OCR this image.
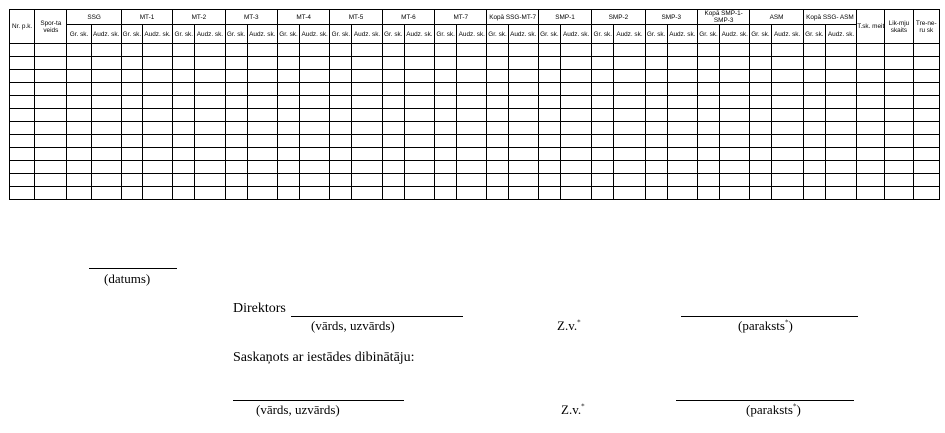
Nr. p.k.	Spor-ta veids	SSG		MT-1		MT-2		MT-3		MT-4		MT-5		MT-6		MT-7		Kopā SSG-MT-7		SMP-1		SMP-2		SMP-3		Kopā SMP-1- SMP-3		ASM		Kopā SSG- ASM		T.sk. meit	Lik-mju skaits	Tre-ne-ru sk
		Gr. sk.	Audz. sk.	Gr. sk.	Audz. sk.	Gr. sk.	Audz. sk.	Gr. sk.	Audz. sk.	Gr. sk.	Audz. sk.	Gr. sk.	Audz. sk.	Gr. sk.	Audz. sk.	Gr. sk.	Audz. sk.	Gr. sk.	Audz. sk.	Gr. sk.	Audz. sk.	Gr. sk.	Audz. sk.	Gr. sk.	Audz. sk.	Gr. sk.	Audz. sk.	Gr. sk.	Audz. sk.	Gr. sk.	Audz. sk.			

(datums)
Direktors
(vārds, uzvārds)	Z.v.*	(paraksts*)
Saskaņots ar iestādes dibinātāju:
(vārds, uzvārds)	Z.v.*	(paraksts*)
